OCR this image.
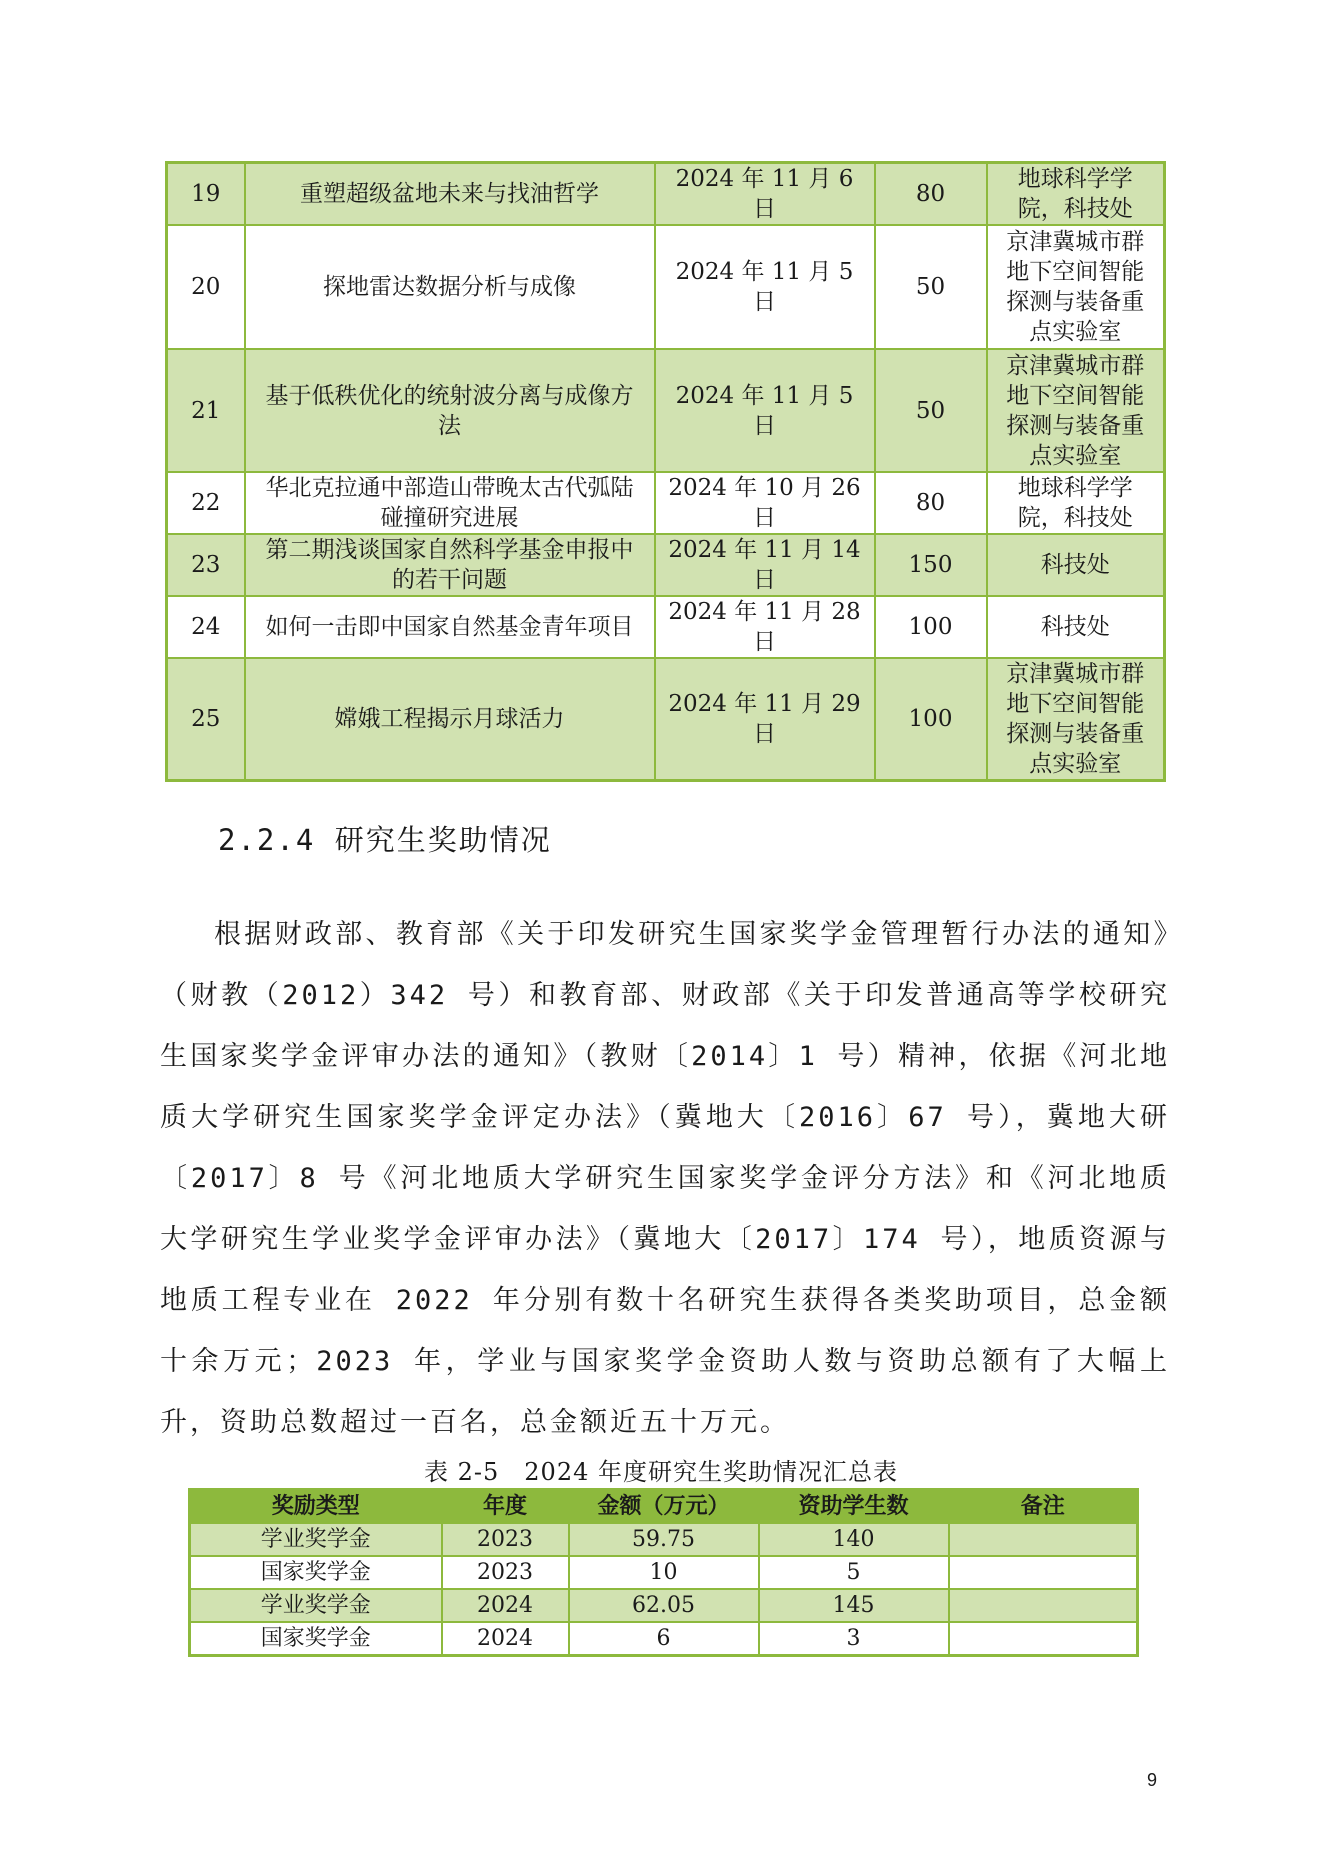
19	重塑超级盆地未来与找油哲学	2024 年 11 月 6 日	80	地球科学学院，科技处
20	探地雷达数据分析与成像	2024 年 11 月 5 日	50	京津冀城市群地下空间智能探测与装备重点实验室
21	基于低秩优化的统射波分离与成像方法	2024 年 11 月 5 日	50	京津冀城市群地下空间智能探测与装备重点实验室
22	华北克拉通中部造山带晚太古代弧陆碰撞研究进展	2024 年 10 月 26 日	80	地球科学学院，科技处
23	第二期浅谈国家自然科学基金申报中的若干问题	2024 年 11 月 14 日	150	科技处
24	如何一击即中国家自然基金青年项目	2024 年 11 月 28 日	100	科技处
25	嫦娥工程揭示月球活力	2024 年 11 月 29 日	100	京津冀城市群地下空间智能探测与装备重点实验室
2.2.4 研究生奖助情况

根据财政部、教育部《关于印发研究生国家奖学金管理暂行办法的通知》（财教（2012）342 号）和教育部、财政部《关于印发普通高等学校研究生国家奖学金评审办法的通知》（教财〔2014〕1 号）精神，依据《河北地质大学研究生国家奖学金评定办法》（冀地大〔2016〕67 号），冀地大研〔2017〕8 号《河北地质大学研究生国家奖学金评分方法》和《河北地质大学研究生学业奖学金评审办法》（冀地大〔2017〕174 号），地质资源与地质工程专业在 2022 年分别有数十名研究生获得各类奖助项目，总金额十余万元；2023 年，学业与国家奖学金资助人数与资助总额有了大幅上升，资助总数超过一百名，总金额近五十万元。

表 2-5　2024 年度研究生奖助情况汇总表
奖励类型	年度	金额（万元）	资助学生数	备注
学业奖学金	2023	59.75	140	
国家奖学金	2023	10	5	
学业奖学金	2024	62.05	145	
国家奖学金	2024	6	3	
9
